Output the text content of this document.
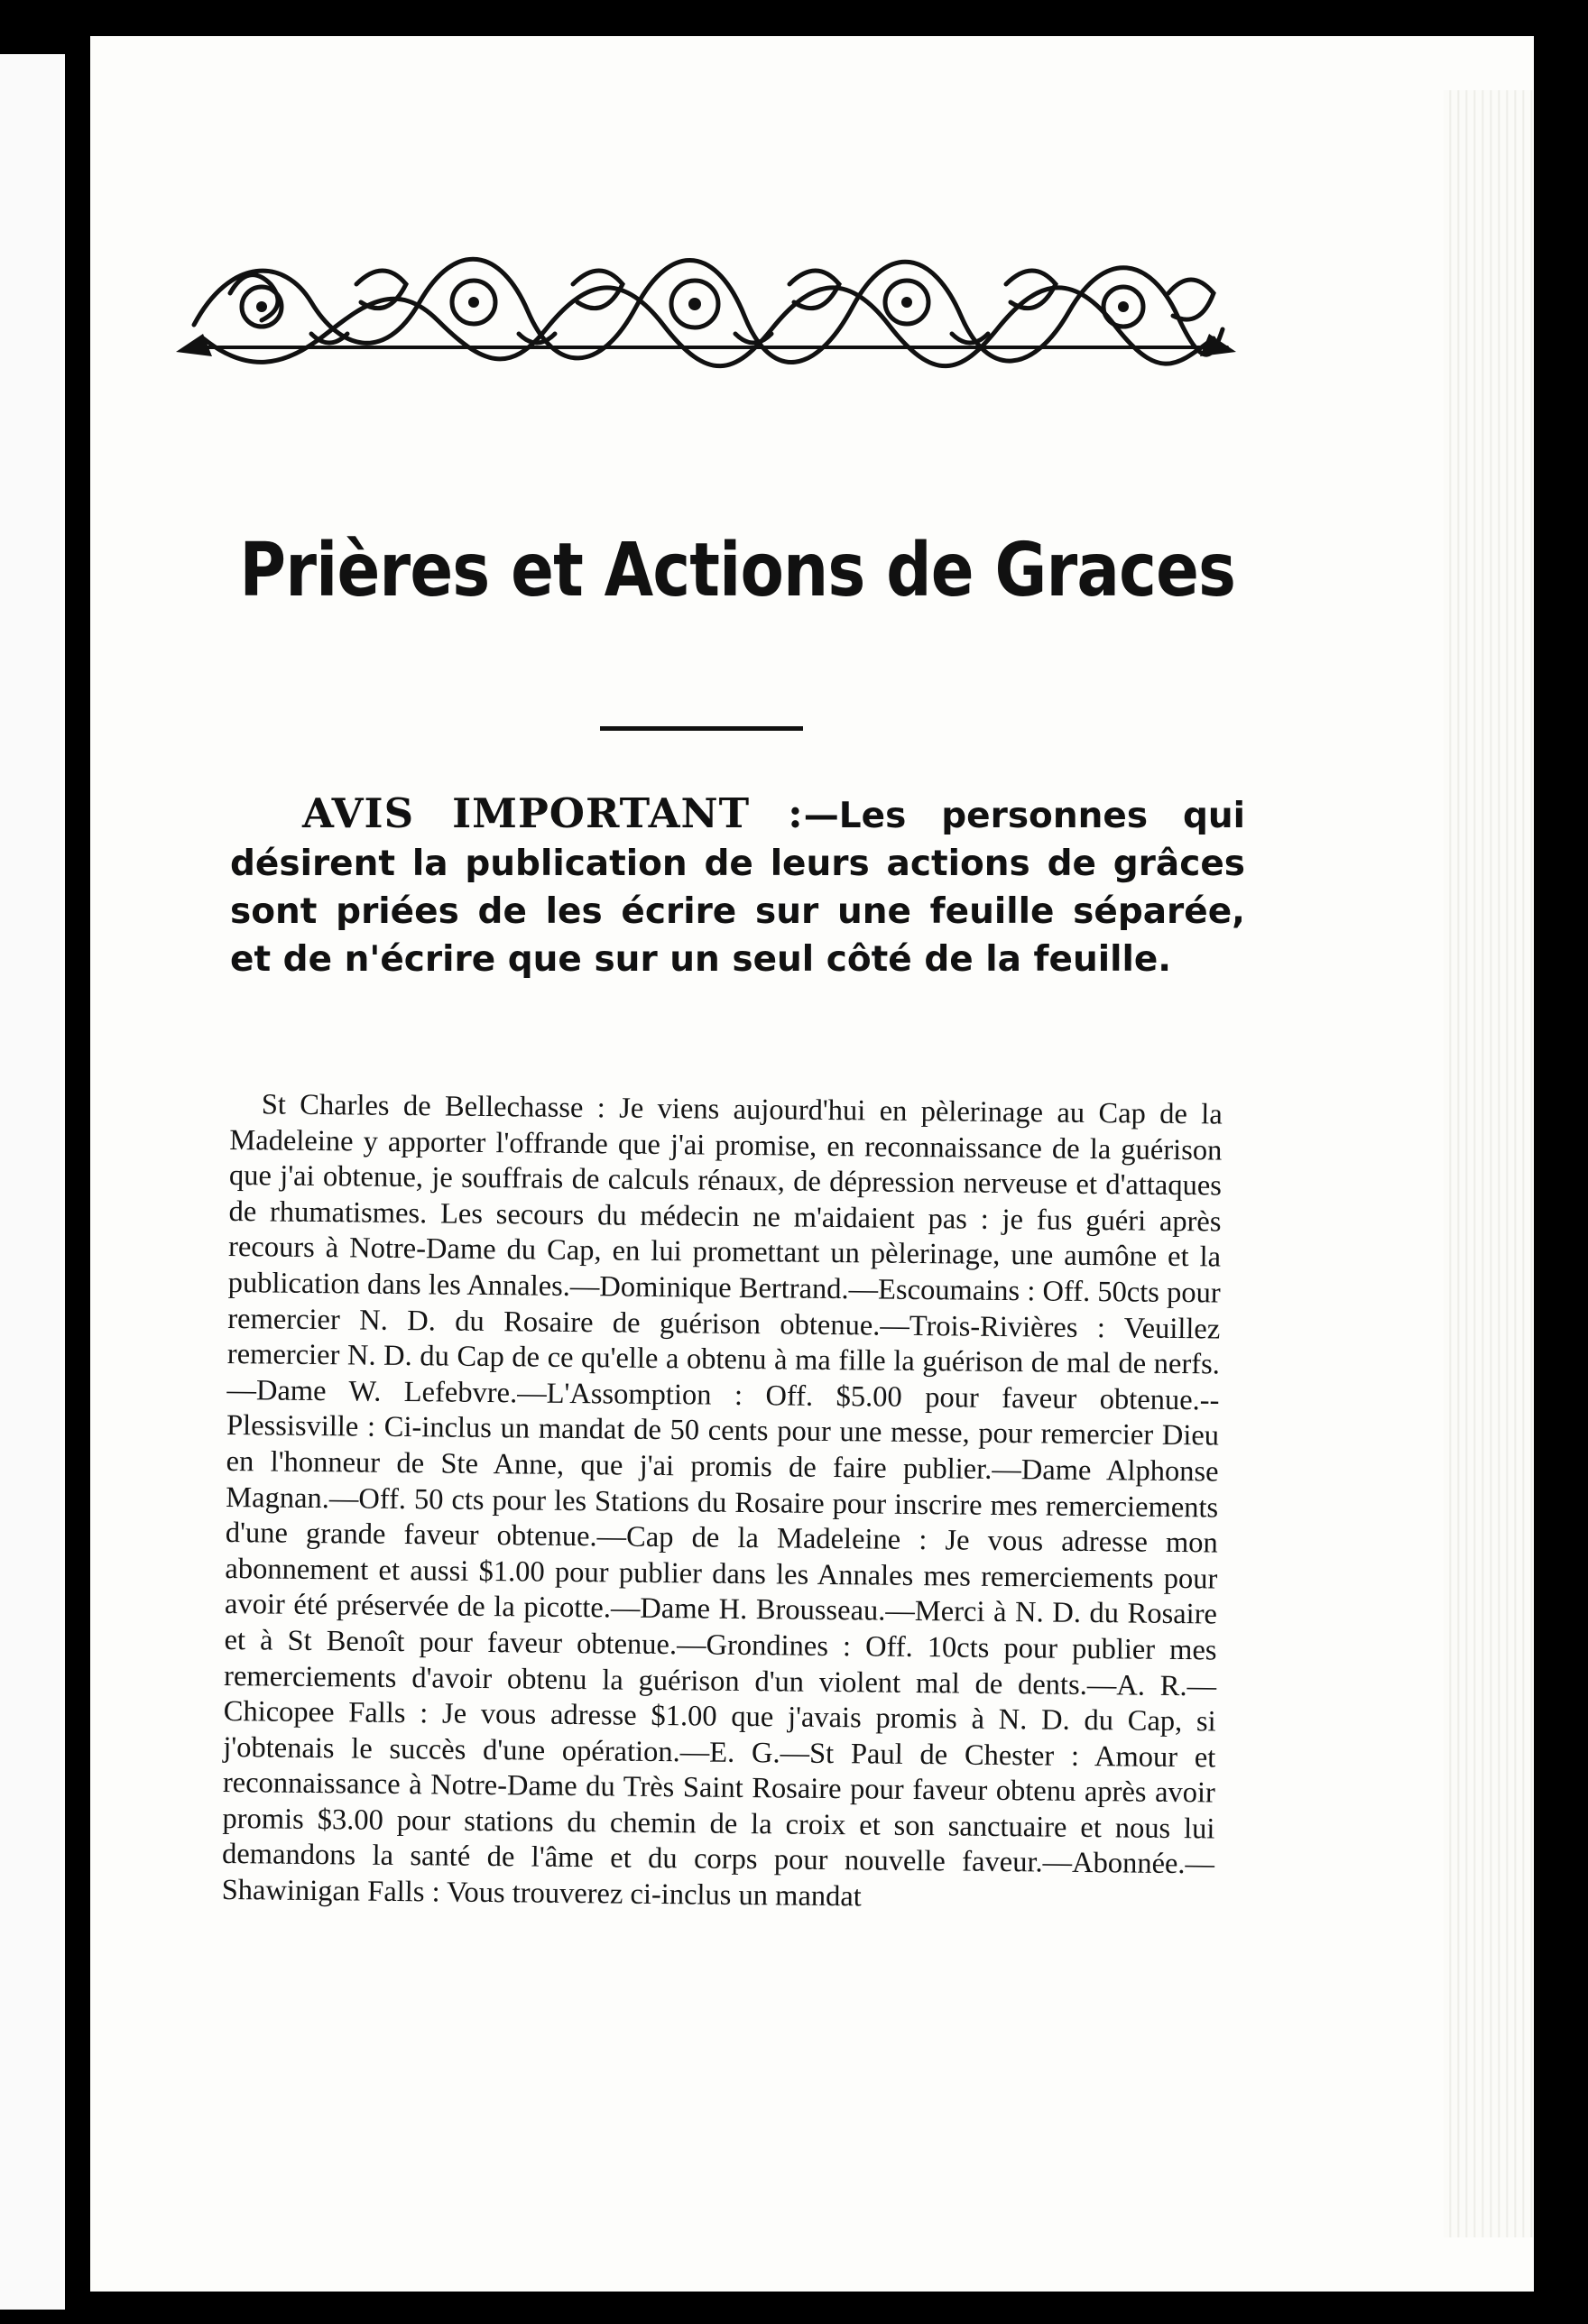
Prières et Actions de Graces
AVIS IMPORTANT :—Les personnes qui désirent la publication de leurs actions de grâces sont priées de les écrire sur une feuille séparée, et de n'écrire que sur un seul côté de la feuille.
St Charles de Bellechasse : Je viens aujourd'hui en pèlerinage au Cap de la Madeleine y apporter l'offrande que j'ai promise, en reconnaissance de la guérison que j'ai obtenue, je souffrais de calculs rénaux, de dépression nerveuse et d'attaques de rhumatismes. Les secours du médecin ne m'aidaient pas : je fus guéri après recours à Notre-Dame du Cap, en lui promettant un pèlerinage, une aumône et la publication dans les Annales.—Dominique Bertrand.—Escoumains : Off. 50cts pour remercier N. D. du Rosaire de guérison obtenue.—Trois-Rivières : Veuillez remercier N. D. du Cap de ce qu'elle a obtenu à ma fille la guérison de mal de nerfs.—Dame W. Lefebvre.—L'Assomption : Off. $5.00 pour faveur obtenue.--Plessisville : Ci-inclus un mandat de 50 cents pour une messe, pour remercier Dieu en l'honneur de Ste Anne, que j'ai promis de faire publier.—Dame Alphonse Magnan.—Off. 50 cts pour les Stations du Rosaire pour inscrire mes remerciements d'une grande faveur obtenue.—Cap de la Madeleine : Je vous adresse mon abonnement et aussi $1.00 pour publier dans les Annales mes remerciements pour avoir été préservée de la picotte.—Dame H. Brousseau.—Merci à N. D. du Rosaire et à St Benoît pour faveur obtenue.—Grondines : Off. 10cts pour publier mes remerciements d'avoir obtenu la guérison d'un violent mal de dents.—A. R.—Chicopee Falls : Je vous adresse $1.00 que j'avais promis à N. D. du Cap, si j'obtenais le succès d'une opération.—E. G.—St Paul de Chester : Amour et reconnaissance à Notre-Dame du Très Saint Rosaire pour faveur obtenu après avoir promis $3.00 pour stations du chemin de la croix et son sanctuaire et nous lui demandons la santé de l'âme et du corps pour nouvelle faveur.—Abonnée.—Shawinigan Falls : Vous trouverez ci-inclus un mandat
